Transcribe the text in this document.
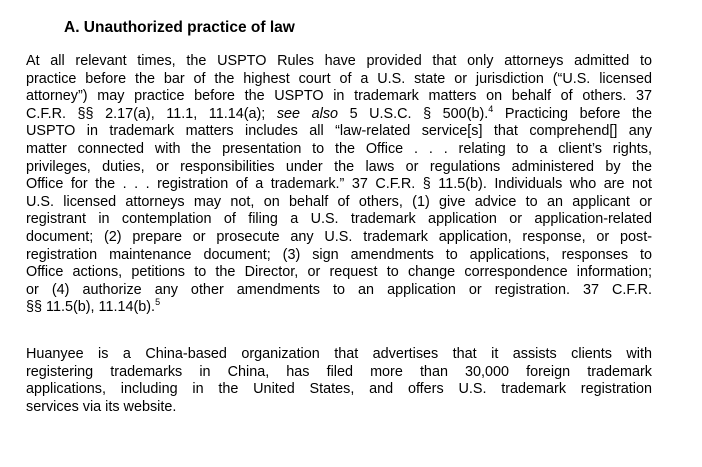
A. Unauthorized practice of law
At all relevant times, the USPTO Rules have provided that only attorneys admitted to
practice before the bar of the highest court of a U.S. state or jurisdiction (“U.S. licensed
attorney”) may practice before the USPTO in trademark matters on behalf of others. 37
C.F.R. §§ 2.17(a), 11.1, 11.14(a); see also 5 U.S.C. § 500(b).$^4$ Practicing before the
USPTO in trademark matters includes all “law-related service[s] that comprehend[] any
matter connected with the presentation to the Office . . . relating to a client’s rights,
privileges, duties, or responsibilities under the laws or regulations administered by the
Office for the . . . registration of a trademark.” 37 C.F.R. § 11.5(b). Individuals who are not
U.S. licensed attorneys may not, on behalf of others, (1) give advice to an applicant or
registrant in contemplation of filing a U.S. trademark application or application-related
document; (2) prepare or prosecute any U.S. trademark application, response, or post-
registration maintenance document; (3) sign amendments to applications, responses to
Office actions, petitions to the Director, or request to change correspondence information;
or (4) authorize any other amendments to an application or registration. 37 C.F.R.
§§ 11.5(b), 11.14(b).$^5$
Huanyee is a China-based organization that advertises that it assists clients with
registering trademarks in China, has filed more than 30,000 foreign trademark
applications, including in the United States, and offers U.S. trademark registration
services via its website.
